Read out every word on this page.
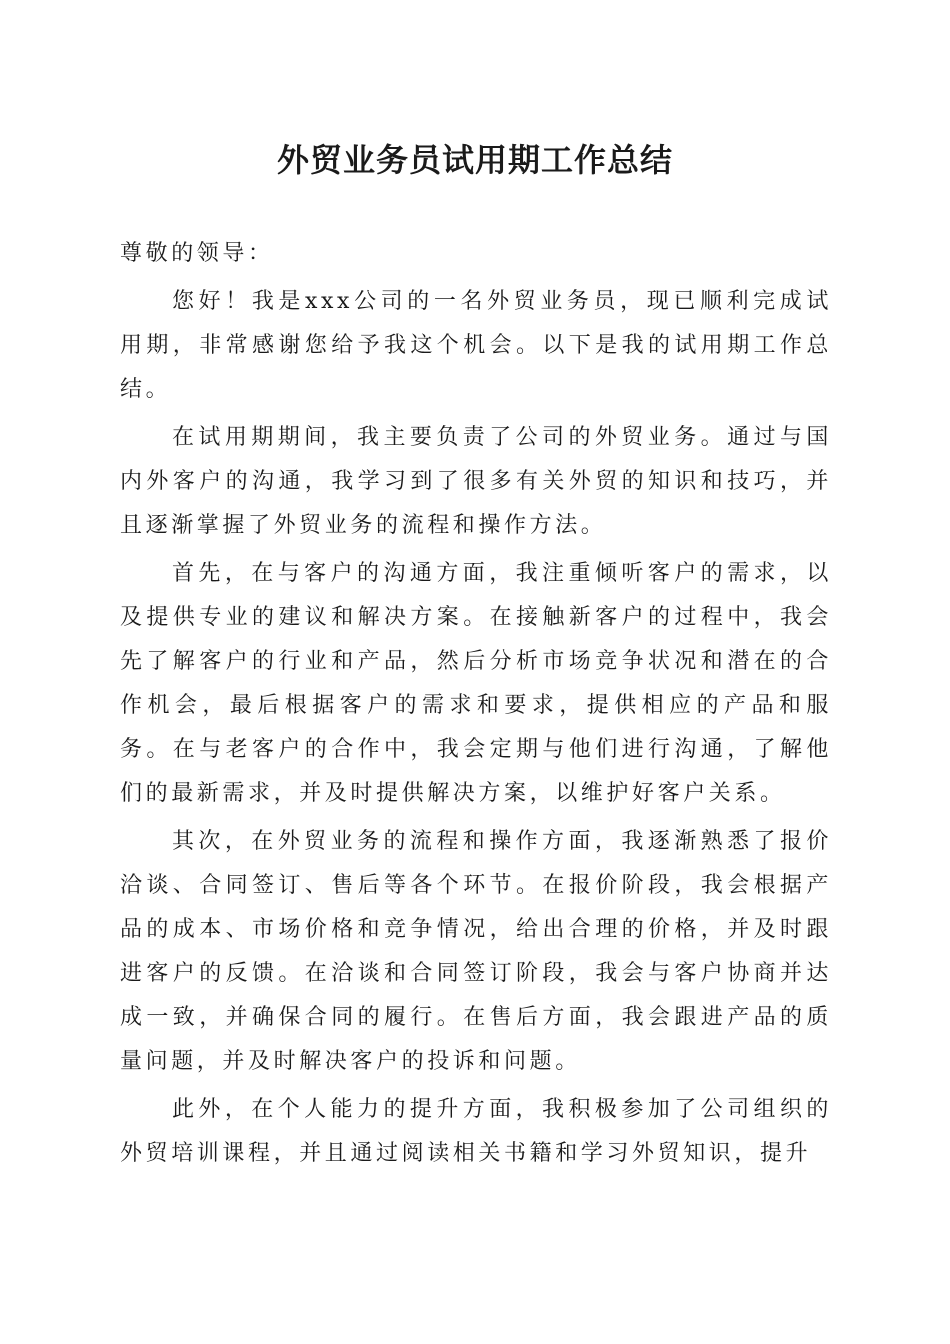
外贸业务员试用期工作总结

尊敬的领导：

您好！我是xxx公司的一名外贸业务员，现已顺利完成试用期，非常感谢您给予我这个机会。以下是我的试用期工作总结。

在试用期期间，我主要负责了公司的外贸业务。通过与国内外客户的沟通，我学习到了很多有关外贸的知识和技巧，并且逐渐掌握了外贸业务的流程和操作方法。

首先，在与客户的沟通方面，我注重倾听客户的需求，以及提供专业的建议和解决方案。在接触新客户的过程中，我会先了解客户的行业和产品，然后分析市场竞争状况和潜在的合作机会，最后根据客户的需求和要求，提供相应的产品和服务。在与老客户的合作中，我会定期与他们进行沟通，了解他们的最新需求，并及时提供解决方案，以维护好客户关系。

其次，在外贸业务的流程和操作方面，我逐渐熟悉了报价洽谈、合同签订、售后等各个环节。在报价阶段，我会根据产品的成本、市场价格和竞争情况，给出合理的价格，并及时跟进客户的反馈。在洽谈和合同签订阶段，我会与客户协商并达成一致，并确保合同的履行。在售后方面，我会跟进产品的质量问题，并及时解决客户的投诉和问题。

此外，在个人能力的提升方面，我积极参加了公司组织的外贸培训课程，并且通过阅读相关书籍和学习外贸知识，提升
